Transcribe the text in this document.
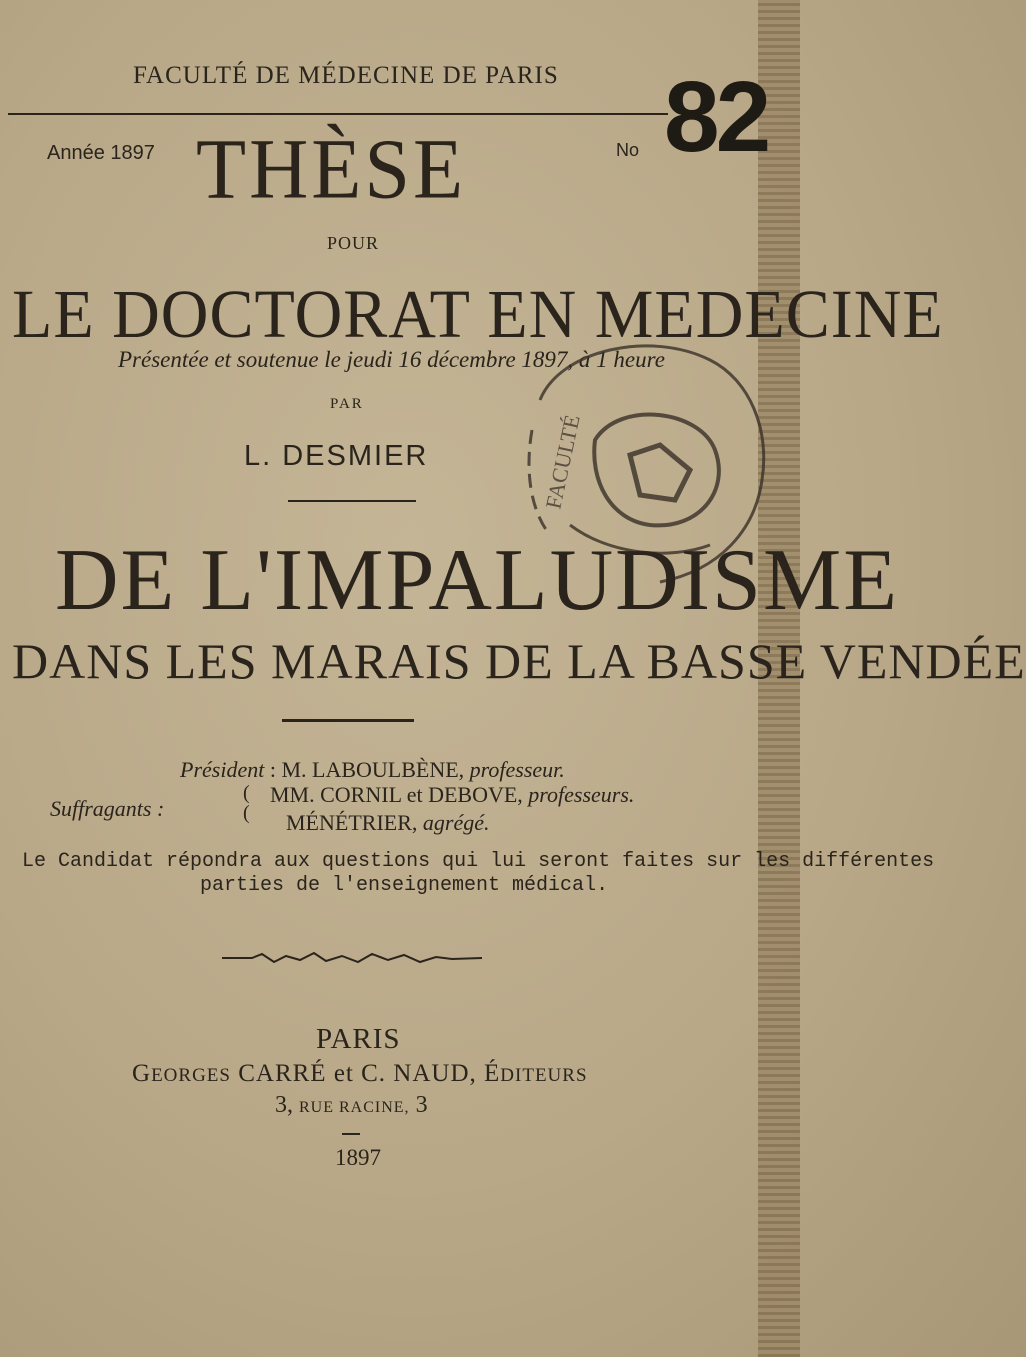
FACULTÉ DE MÉDECINE DE PARIS
Année 1897 THÈSE	No 82
POUR
LE DOCTORAT EN MEDECINE
Présentée et soutenue le jeudi 16 décembre 1897, à 1 heure
PAR
L. DESMIER	FACULTÉ
DE L'IMPALUDISME
DANS LES MARAIS DE LA BASSE VENDÉE
Président : M. LABOULBÈNE, professeur.
Suffragants :
(
(
MM. CORNIL et DEBOVE, professeurs.
MÉNÉTRIER, agrégé.
Le Candidat répondra aux questions qui lui seront faites sur les différentes
parties de l'enseignement médical.
PARIS
GEORGES CARRÉ et C. NAUD, ÉDITEURS
3, RUE RACINE, 3
1897
